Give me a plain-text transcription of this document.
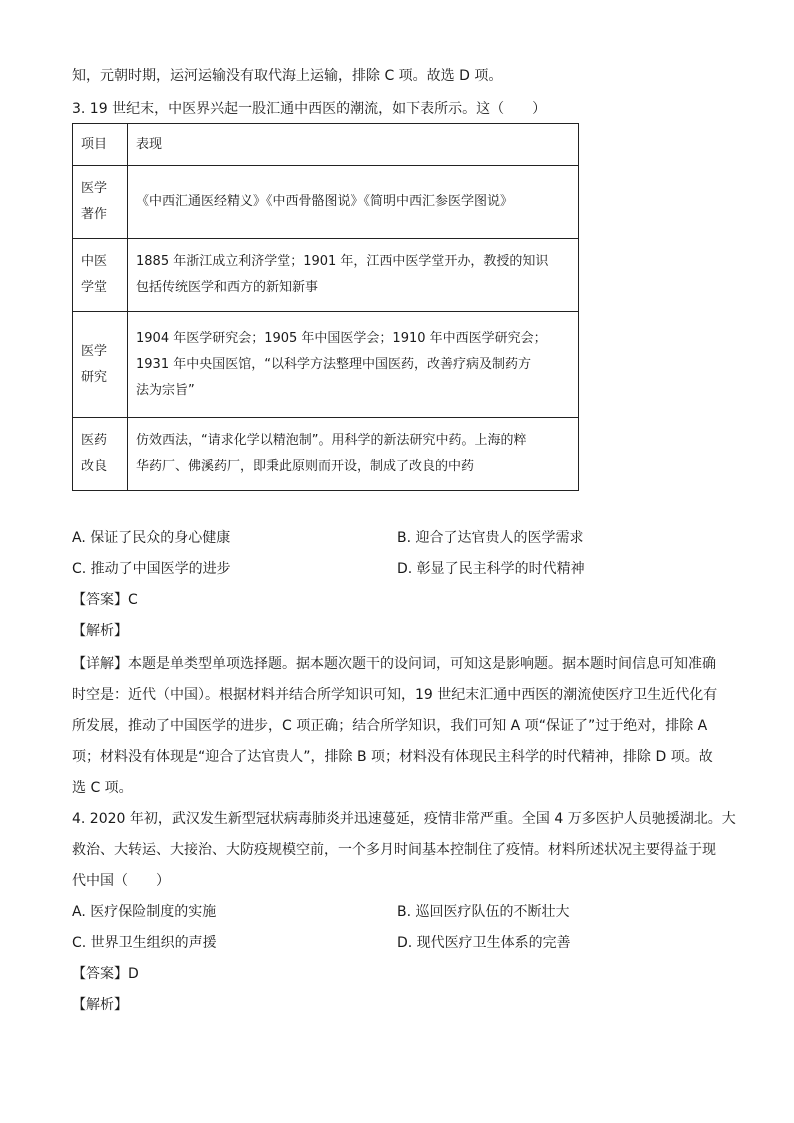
知，元朝时期，运河运输没有取代海上运输，排除 C 项。故选 D 项。
3. 19 世纪末，中医界兴起一股汇通中西医的潮流，如下表所示。这（　　）
项目	表现

医学
著作	《中西汇通医经精义》《中西骨骼图说》《简明中西汇参医学图说》

中医
学堂	1885 年浙江成立利济学堂；1901 年，江西中医学堂开办，教授的知识
包括传统医学和西方的新知新事

医学
研究	1904 年医学研究会；1905 年中国医学会；1910 年中西医学研究会；
1931 年中央国医馆，“以科学方法整理中国医药，改善疗病及制药方
法为宗旨”

医药
改良	仿效西法，“请求化学以精泡制”。用科学的新法研究中药。上海的粹
华药厂、佛溪药厂，即秉此原则而开设，制成了改良的中药
A. 保证了民众的身心健康	B. 迎合了达官贵人的医学需求
C. 推动了中国医学的进步	D. 彰显了民主科学的时代精神
【答案】C
【解析】
【详解】本题是单类型单项选择题。据本题次题干的设问词，可知这是影响题。据本题时间信息可知准确
时空是：近代（中国）。根据材料并结合所学知识可知，19 世纪末汇通中西医的潮流使医疗卫生近代化有
所发展，推动了中国医学的进步，C 项正确；结合所学知识，我们可知 A 项“保证了”过于绝对，排除 A
项；材料没有体现是“迎合了达官贵人”，排除 B 项；材料没有体现民主科学的时代精神，排除 D 项。故
选 C 项。
4. 2020 年初，武汉发生新型冠状病毒肺炎并迅速蔓延，疫情非常严重。全国 4 万多医护人员驰援湖北。大
救治、大转运、大接治、大防疫规模空前，一个多月时间基本控制住了疫情。材料所述状况主要得益于现
代中国（　　）
A. 医疗保险制度的实施	B. 巡回医疗队伍的不断壮大
C. 世界卫生组织的声援	D. 现代医疗卫生体系的完善
【答案】D
【解析】
